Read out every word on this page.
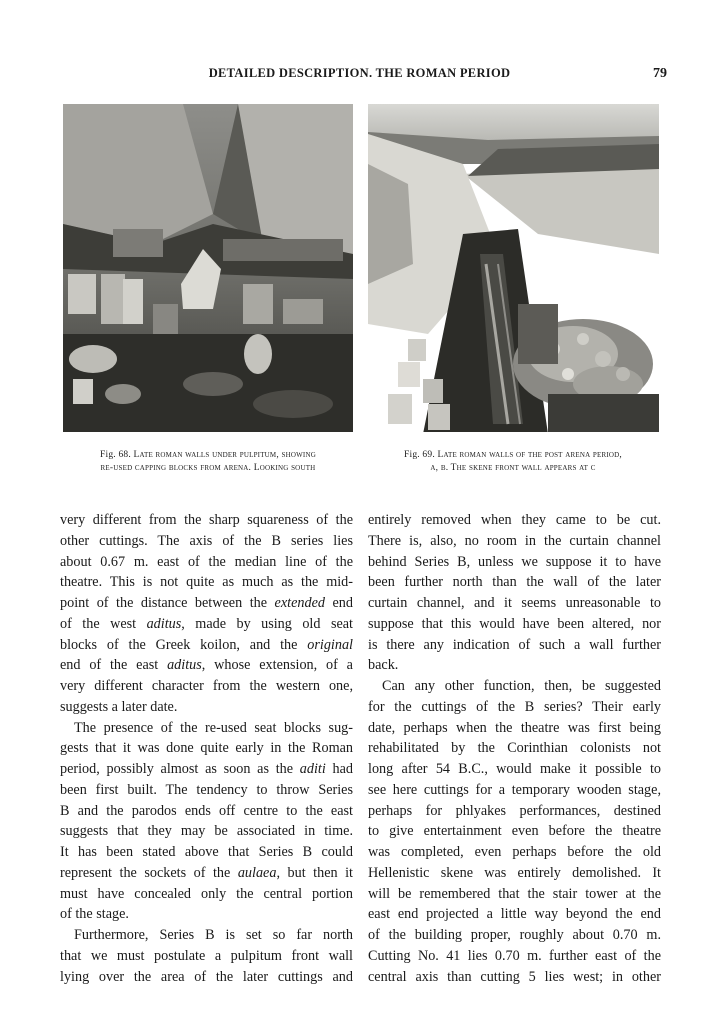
DETAILED DESCRIPTION. THE ROMAN PERIOD	79
Fig. 68. Late roman walls under pulpitum, showing
re-used capping blocks from arena. Looking south
Fig. 69. Late roman walls of the post arena period,
a, b. The skene front wall appears at c
very different from the sharp squareness of the
other cuttings. The axis of the B series lies
about 0.67 m. east of the median line of the
theatre. This is not quite as much as the mid-
point of the distance between the extended end
of the west aditus, made by using old seat
blocks of the Greek koilon, and the original
end of the east aditus, whose extension, of a
very different character from the western one,
suggests a later date.
The presence of the re-used seat blocks sug-
gests that it was done quite early in the Roman
period, possibly almost as soon as the aditi had
been first built. The tendency to throw Series
B and the parodos ends off centre to the east
suggests that they may be associated in time.
It has been stated above that Series B could
represent the sockets of the aulaea, but then it
must have concealed only the central portion
of the stage.
Furthermore, Series B is set so far north
that we must postulate a pulpitum front wall
lying over the area of the later cuttings and
entirely removed when they came to be cut.
There is, also, no room in the curtain channel
behind Series B, unless we suppose it to have
been further north than the wall of the later
curtain channel, and it seems unreasonable to
suppose that this would have been altered, nor
is there any indication of such a wall further
back.
Can any other function, then, be suggested
for the cuttings of the B series? Their early
date, perhaps when the theatre was first being
rehabilitated by the Corinthian colonists not
long after 54 B.C., would make it possible to
see here cuttings for a temporary wooden stage,
perhaps for phlyakes performances, destined
to give entertainment even before the theatre
was completed, even perhaps before the old
Hellenistic skene was entirely demolished. It
will be remembered that the stair tower at the
east end projected a little way beyond the end
of the building proper, roughly about 0.70 m.
Cutting No. 41 lies 0.70 m. further east of the
central axis than cutting 5 lies west; in other
